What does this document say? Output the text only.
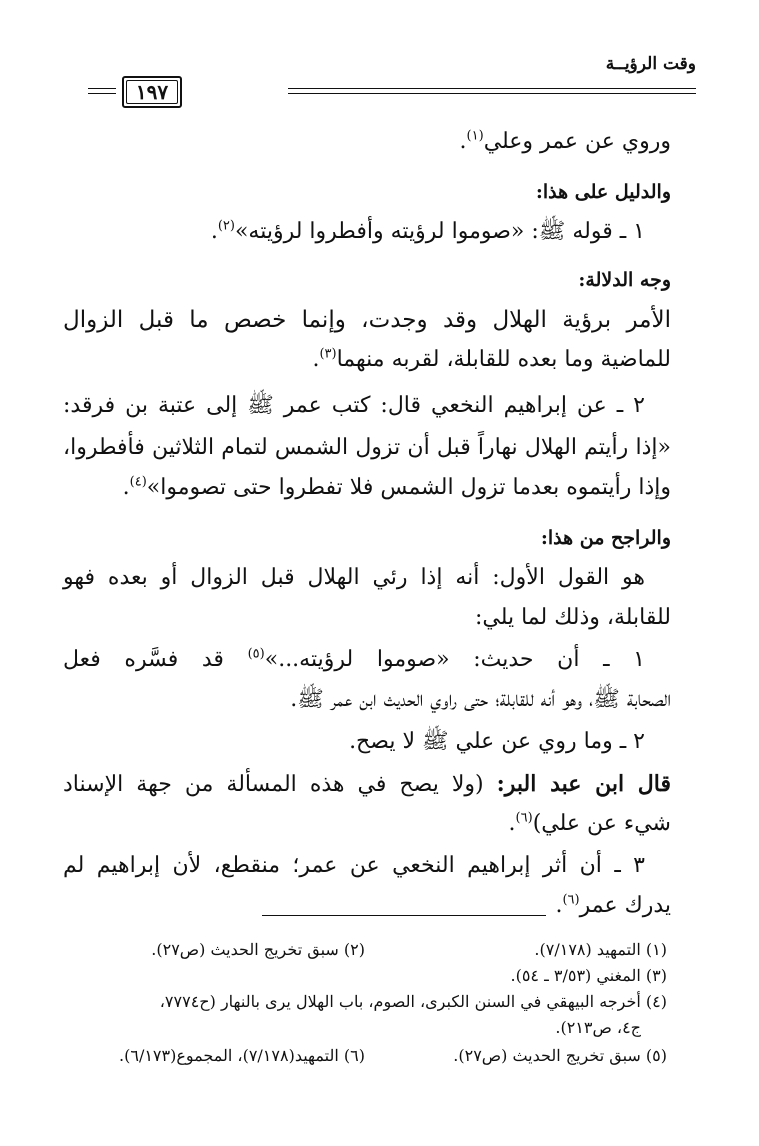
وقت الرؤيــة
١٩٧
وروي عن عمر وعلي$^{(١)}$.
والدليل على هذا:
١ ـ قوله ﷺ: «صوموا لرؤيته وأفطروا لرؤيته»$^{(٢)}$.
وجه الدلالة:
الأمر برؤية الهلال وقد وجدت، وإنما خصص ما قبل الزوال
للماضية وما بعده للقابلة، لقربه منهما$^{(٣)}$.
٢ ـ عن إبراهيم النخعي قال: كتب عمر ﷺ إلى عتبة بن فرقد:
«إذا رأيتم الهلال نهاراً قبل أن تزول الشمس لتمام الثلاثين فأفطروا،
وإذا رأيتموه بعدما تزول الشمس فلا تفطروا حتى تصوموا»$^{(٤)}$.
والراجح من هذا:
هو القول الأول: أنه إذا رئي الهلال قبل الزوال أو بعده فهو
للقابلة، وذلك لما يلي:
١ ـ أن حديث: «صوموا لرؤيته...»$^{(٥)}$ قد فسَّره فعل
الصحابة ﷺ، وهو أنه للقابلة؛ حتى راوي الحديث ابن عمر ﷺ.
٢ ـ وما روي عن علي ﷺ لا يصح.
قال ابن عبد البر: (ولا يصح في هذه المسألة من جهة الإسناد
شيء عن علي)$^{(٦)}$.
٣ ـ أن أثر إبراهيم النخعي عن عمر؛ منقطع، لأن إبراهيم لم
يدرك عمر$^{(٦)}$.
(١) التمهيد (٧/١٧٨).
(٢) سبق تخريج الحديث (ص٢٧).
(٣) المغني (٣/٥٣ ـ ٥٤).
(٤) أخرجه البيهقي في السنن الكبرى، الصوم، باب الهلال يرى بالنهار (ح٧٧٧٤،
ج٤، ص٢١٣).
(٥) سبق تخريج الحديث (ص٢٧).
(٦) التمهيد(٧/١٧٨)، المجموع(٦/١٧٣).
